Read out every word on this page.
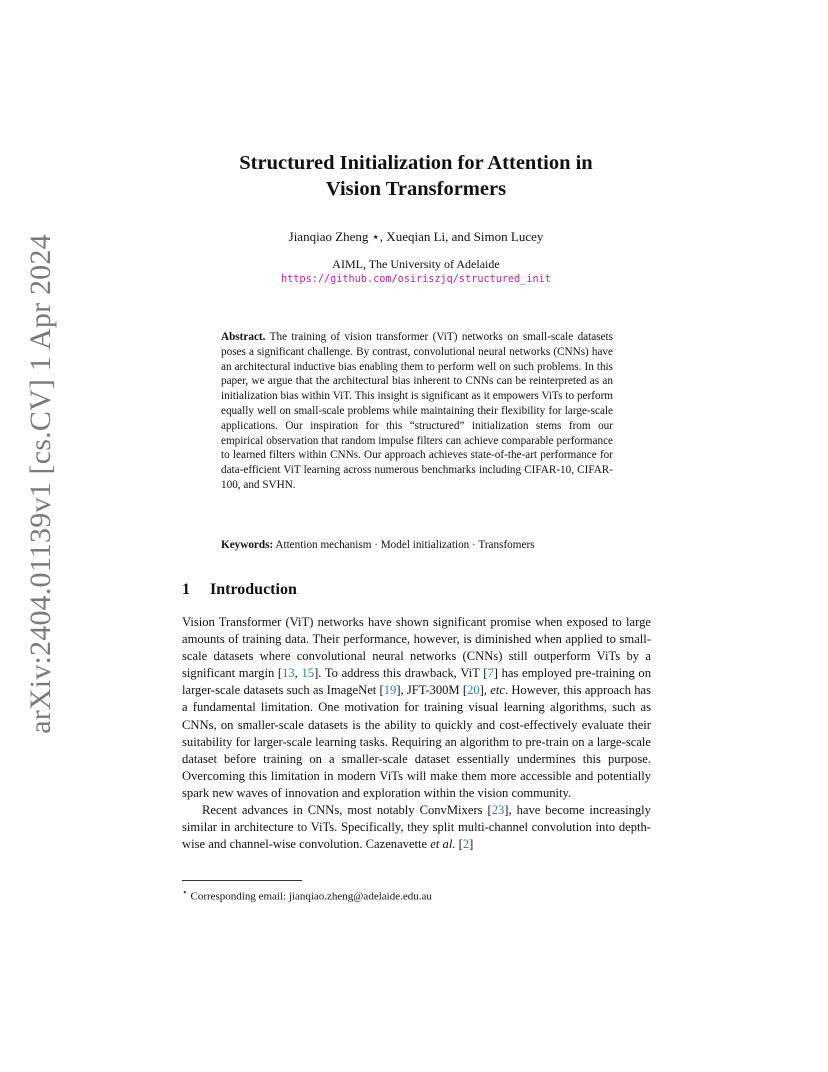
arXiv:2404.01139v1 [cs.CV] 1 Apr 2024
Structured Initialization for Attention in
Vision Transformers

Jianqiao Zheng ⋆, Xueqian Li, and Simon Lucey

AIML, The University of Adelaide
https://github.com/osiriszjq/structured_init

Abstract. The training of vision transformer (ViT) networks on small-scale datasets poses a significant challenge. By contrast, convolutional neural networks (CNNs) have an architectural inductive bias enabling them to perform well on such problems. In this paper, we argue that the architectural bias inherent to CNNs can be reinterpreted as an initialization bias within ViT. This insight is significant as it empowers ViTs to perform equally well on small-scale problems while maintaining their flexibility for large-scale applications. Our inspiration for this “structured” initialization stems from our empirical observation that random impulse filters can achieve comparable performance to learned filters within CNNs. Our approach achieves state-of-the-art performance for data-efficient ViT learning across numerous benchmarks including CIFAR-10, CIFAR-100, and SVHN.

Keywords: Attention mechanism · Model initialization · Transfomers

1 Introduction

Vision Transformer (ViT) networks have shown significant promise when exposed to large amounts of training data. Their performance, however, is diminished when applied to small-scale datasets where convolutional neural networks (CNNs) still outperform ViTs by a significant margin [13, 15]. To address this drawback, ViT [7] has employed pre-training on larger-scale datasets such as ImageNet [19], JFT-300M [20], etc. However, this approach has a fundamental limitation. One motivation for training visual learning algorithms, such as CNNs, on smaller-scale datasets is the ability to quickly and cost-effectively evaluate their suitability for larger-scale learning tasks. Requiring an algorithm to pre-train on a large-scale dataset before training on a smaller-scale dataset essentially undermines this purpose. Overcoming this limitation in modern ViTs will make them more accessible and potentially spark new waves of innovation and exploration within the vision community.

Recent advances in CNNs, most notably ConvMixers [23], have become increasingly similar in architecture to ViTs. Specifically, they split multi-channel convolution into depth-wise and channel-wise convolution. Cazenavette et al. [2]

⋆ Corresponding email: jianqiao.zheng@adelaide.edu.au
